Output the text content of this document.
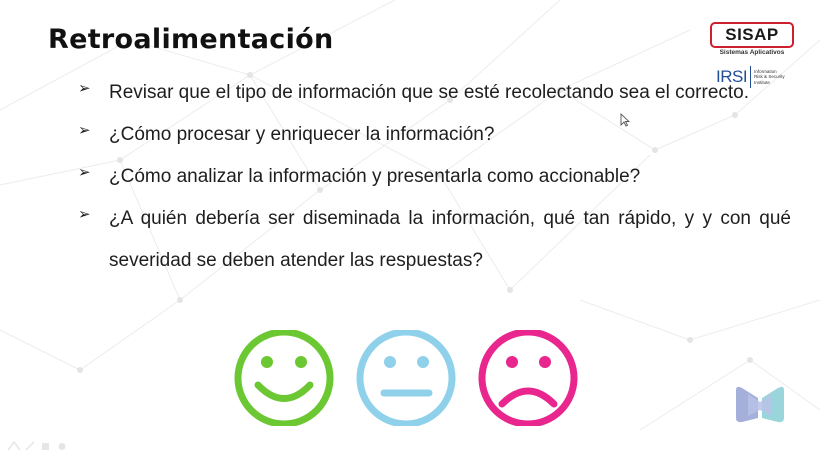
Retroalimentación	SISAP
Sistemas Aplicativos
IRSI Information
Risk & Security
Institute
➢ Revisar que el tipo de información que se esté recolectando sea el correcto.
➢ ¿Cómo procesar y enriquecer la información?
➢ ¿Cómo analizar la información y presentarla como accionable?
➢ ¿A quién debería ser diseminada la información, qué tan rápido, y y con qué severidad se deben atender las respuestas?
